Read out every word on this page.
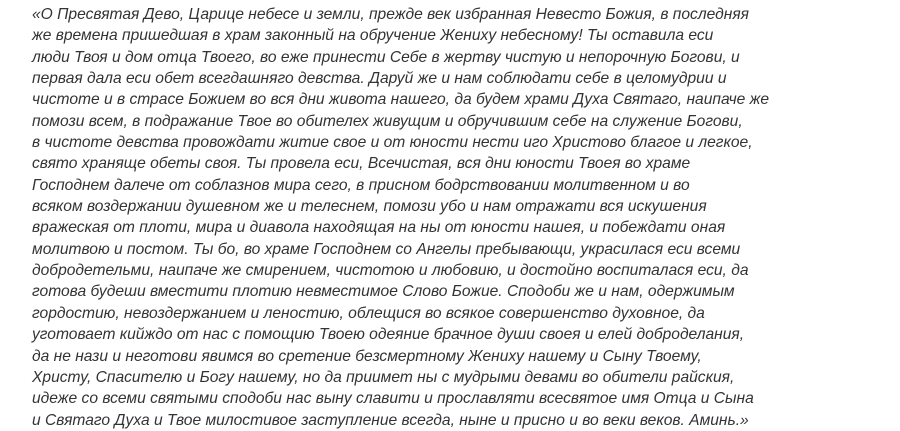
«О Пресвятая Дево, Царице небесе и земли, прежде век избранная Невесто Божия, в последняя
же времена пришедшая в храм законный на обручение Жениху небесному! Ты оставила еси
люди Твоя и дом отца Твоего, во еже принести Себе в жертву чистую и непорочную Богови, и
первая дала еси обет всегдашняго девства. Даруй же и нам соблюдати себе в целомудрии и
чистоте и в страсе Божием во вся дни живота нашего, да будем храми Духа Святаго, наипаче же
помози всем, в подражание Твое во обителех живущим и обручившим себе на служение Богови,
в чистоте девства провождати житие свое и от юности нести иго Христово благое и легкое,
свято храняще обеты своя. Ты провела еси, Всечистая, вся дни юности Твоея во храме
Господнем далече от соблазнов мира сего, в присном бодрствовании молитвенном и во
всяком воздержании душевном же и телеснем, помози убо и нам отражати вся искушения
вражеская от плоти, мира и диавола находящая на ны от юности нашея, и побеждати оная
молитвою и постом. Ты бо, во храме Господнем со Ангелы пребывающи, украсилася еси всеми
добродетельми, наипаче же смирением, чистотою и любовию, и достойно воспиталася еси, да
готова будеши вместити плотию невместимое Слово Божие. Сподоби же и нам, одержимым
гордостию, невоздержанием и леностию, облещися во всякое совершенство духовное, да
уготовает кийждо от нас с помощию Твоею одеяние брачное души своея и елей доброделания,
да не нази и неготови явимся во сретение безсмертному Жениху нашему и Сыну Твоему,
Христу, Спасителю и Богу нашему, но да приимет ны с мудрыми девами во обители райския,
идеже со всеми святыми сподоби нас выну славити и прославляти всесвятое имя Отца и Сына
и Святаго Духа и Твое милостивое заступление всегда, ныне и присно и во веки веков. Аминь.»
